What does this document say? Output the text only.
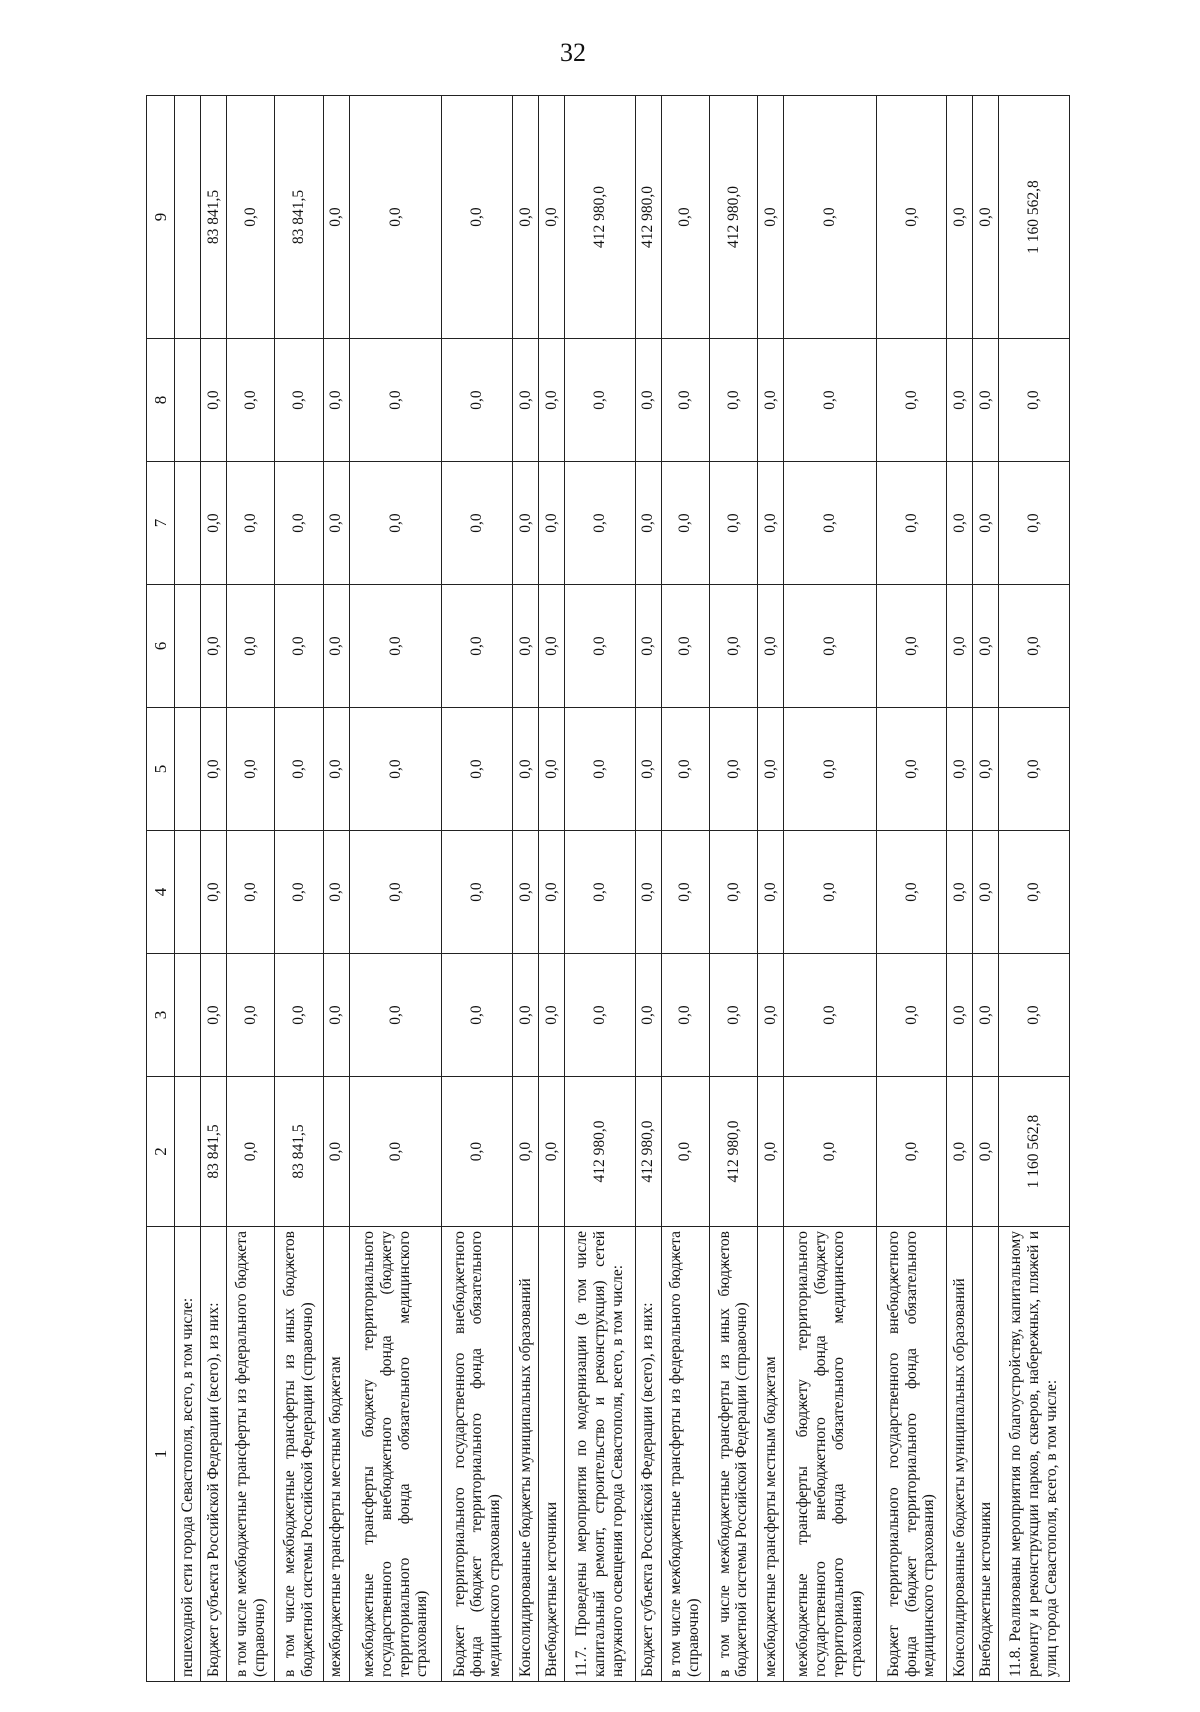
32
1	2	3	4	5	6	7	8	9
пешеходной сети города Севастополя, всего, в том числе:								
Бюджет субъекта Российской Федерации (всего), из них:	83 841,5	0,0	0,0	0,0	0,0	0,0	0,0	83 841,5
в том числе межбюджетные трансферты из федерального бюджета (справочно)	0,0	0,0	0,0	0,0	0,0	0,0	0,0	0,0
в том числе межбюджетные трансферты из иных бюджетов бюджетной системы Российской Федерации (справочно)	83 841,5	0,0	0,0	0,0	0,0	0,0	0,0	83 841,5
межбюджетные трансферты местным бюджетам	0,0	0,0	0,0	0,0	0,0	0,0	0,0	0,0
межбюджетные трансферты бюджету территориального государственного внебюджетного фонда (бюджету территориального фонда обязательного медицинского страхования)	0,0	0,0	0,0	0,0	0,0	0,0	0,0	0,0
Бюджет территориального государственного внебюджетного фонда (бюджет территориального фонда обязательного медицинского страхования)	0,0	0,0	0,0	0,0	0,0	0,0	0,0	0,0
Консолидированные бюджеты муниципальных образований	0,0	0,0	0,0	0,0	0,0	0,0	0,0	0,0
Внебюджетные источники	0,0	0,0	0,0	0,0	0,0	0,0	0,0	0,0
11.7. Проведены мероприятия по модернизации (в том числе капитальный ремонт, строительство и реконструкция) сетей наружного освещения города Севастополя, всего, в том числе:	412 980,0	0,0	0,0	0,0	0,0	0,0	0,0	412 980,0
Бюджет субъекта Российской Федерации (всего), из них:	412 980,0	0,0	0,0	0,0	0,0	0,0	0,0	412 980,0
в том числе межбюджетные трансферты из федерального бюджета (справочно)	0,0	0,0	0,0	0,0	0,0	0,0	0,0	0,0
в том числе межбюджетные трансферты из иных бюджетов бюджетной системы Российской Федерации (справочно)	412 980,0	0,0	0,0	0,0	0,0	0,0	0,0	412 980,0
межбюджетные трансферты местным бюджетам	0,0	0,0	0,0	0,0	0,0	0,0	0,0	0,0
межбюджетные трансферты бюджету территориального государственного внебюджетного фонда (бюджету территориального фонда обязательного медицинского страхования)	0,0	0,0	0,0	0,0	0,0	0,0	0,0	0,0
Бюджет территориального государственного внебюджетного фонда (бюджет территориального фонда обязательного медицинского страхования)	0,0	0,0	0,0	0,0	0,0	0,0	0,0	0,0
Консолидированные бюджеты муниципальных образований	0,0	0,0	0,0	0,0	0,0	0,0	0,0	0,0
Внебюджетные источники	0,0	0,0	0,0	0,0	0,0	0,0	0,0	0,0
11.8. Реализованы мероприятия по благоустройству, капитальному ремонту и реконструкции парков, скверов, набережных, пляжей и улиц города Севастополя, всего, в том числе:	1 160 562,8	0,0	0,0	0,0	0,0	0,0	0,0	1 160 562,8
